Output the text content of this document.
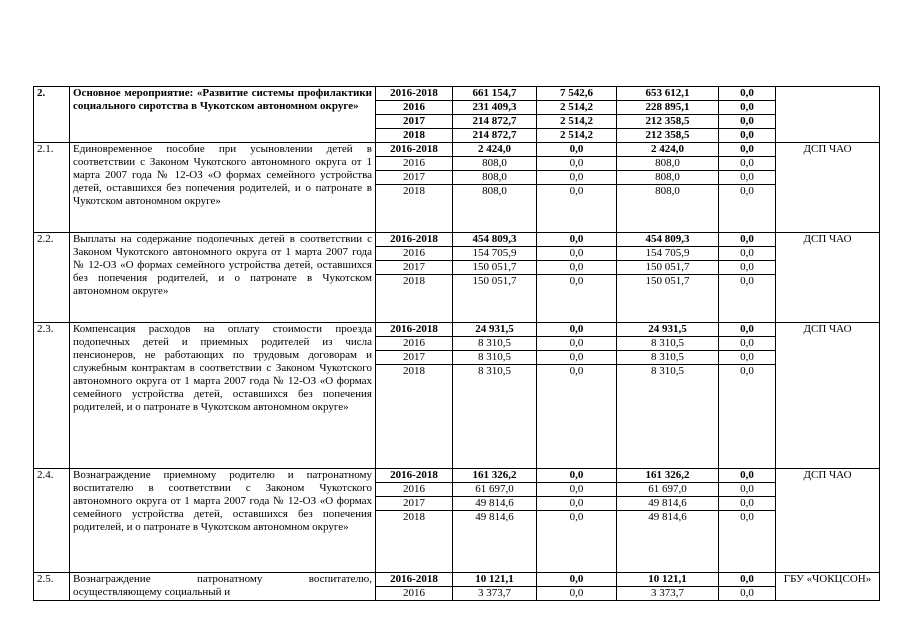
2.	Основное мероприятие: «Развитие системы профилактики социального сиротства в Чукотском автономном округе»	2016-2018	661 154,7	7 542,6	653 612,1	0,0	
		2016	231 409,3	2 514,2	228 895,1	0,0	
		2017	214 872,7	2 514,2	212 358,5	0,0	
		2018	214 872,7	2 514,2	212 358,5	0,0	
2.1.	Единовременное пособие при усыновлении детей в соответствии с Законом Чукотского автономного округа от 1 марта 2007 года № 12-ОЗ «О формах семейного устройства детей, оставшихся без попечения родителей, и о патронате в Чукотском автономном округе»	2016-2018	2 424,0	0,0	2 424,0	0,0	ДСП ЧАО
		2016	808,0	0,0	808,0	0,0	
		2017	808,0	0,0	808,0	0,0	
		2018	808,0	0,0	808,0	0,0	
2.2.	Выплаты на содержание подопечных детей в соответствии с Законом Чукотского автономного округа от 1 марта 2007 года № 12-ОЗ «О формах семейного устройства детей, оставшихся без попечения родителей, и о патронате в Чукотском автономном округе»	2016-2018	454 809,3	0,0	454 809,3	0,0	ДСП ЧАО
		2016	154 705,9	0,0	154 705,9	0,0	
		2017	150 051,7	0,0	150 051,7	0,0	
		2018	150 051,7	0,0	150 051,7	0,0	
2.3.	Компенсация расходов на оплату стоимости проезда подопечных детей и приемных родителей из числа пенсионеров, не работающих по трудовым договорам и служебным контрактам в соответствии с Законом Чукотского автономного округа от 1 марта 2007 года № 12-ОЗ «О формах семейного устройства детей, оставшихся без попечения родителей, и о патронате в Чукотском автономном округе»	2016-2018	24 931,5	0,0	24 931,5	0,0	ДСП ЧАО
		2016	8 310,5	0,0	8 310,5	0,0	
		2017	8 310,5	0,0	8 310,5	0,0	
		2018	8 310,5	0,0	8 310,5	0,0	
2.4.	Вознаграждение приемному родителю и патронатному воспитателю в соответствии с Законом Чукотского автономного округа от 1 марта 2007 года № 12-ОЗ «О формах семейного устройства детей, оставшихся без попечения родителей, и о патронате в Чукотском автономном округе»	2016-2018	161 326,2	0,0	161 326,2	0,0	ДСП ЧАО
		2016	61 697,0	0,0	61 697,0	0,0	
		2017	49 814,6	0,0	49 814,6	0,0	
		2018	49 814,6	0,0	49 814,6	0,0	
2.5.	Вознаграждение патронатному воспитателю, осуществляющему социальный и	2016-2018	10 121,1	0,0	10 121,1	0,0	ГБУ «ЧОКЦСОН»
		2016	3 373,7	0,0	3 373,7	0,0	
